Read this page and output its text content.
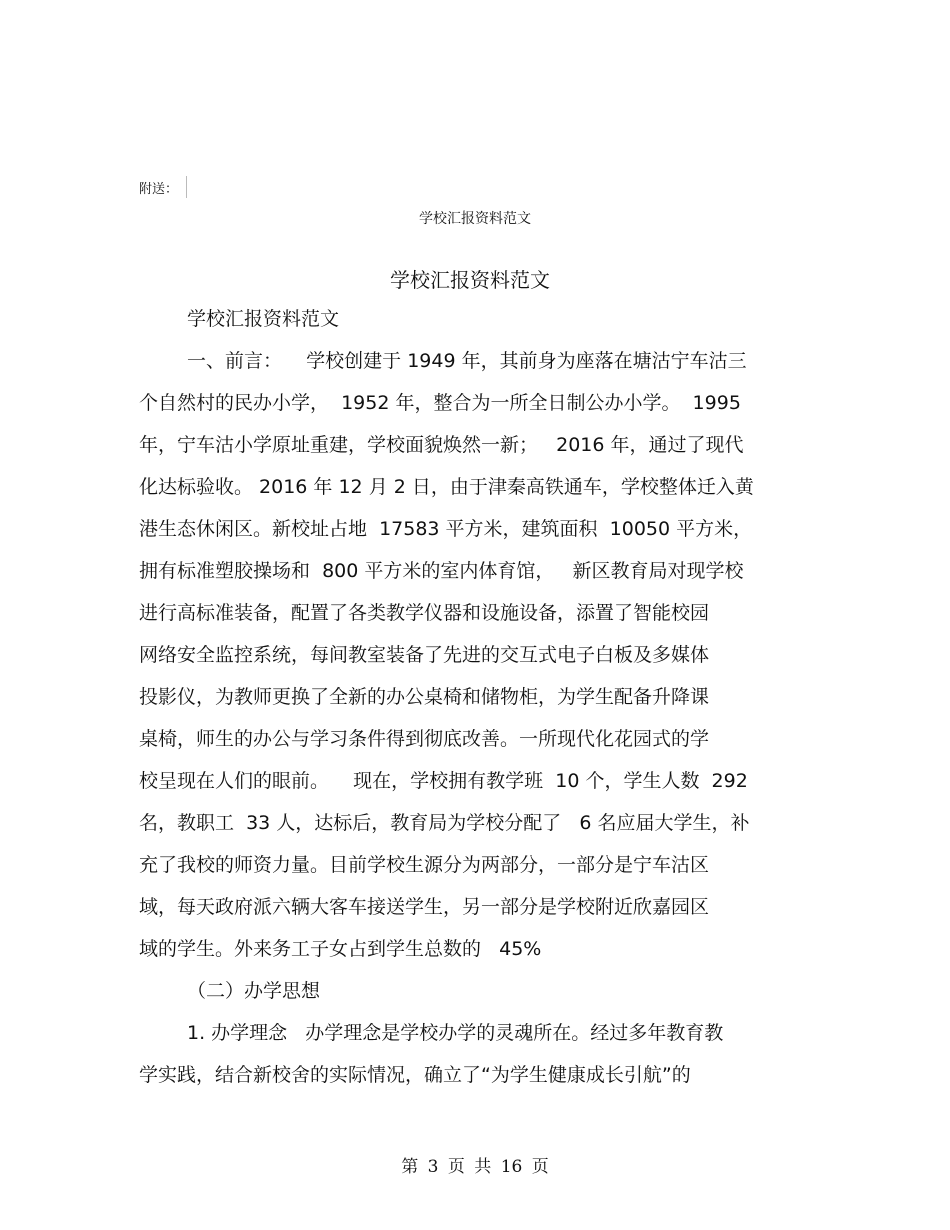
附送：
学校汇报资料范文
学校汇报资料范文
学校汇报资料范文
一、前言：    学校创建于 1949 年，其前身为座落在塘沽宁车沽三
个自然村的民办小学，  1952 年，整合为一所全日制公办小学。  1995
年，宁车沽小学原址重建，学校面貌焕然一新；   2016 年，通过了现代
化达标验收。 2016 年 12 月 2 日，由于津秦高铁通车，学校整体迁入黄
港生态休闲区。新校址占地  17583 平方米，建筑面积  10050 平方米，
拥有标准塑胶操场和  800 平方米的室内体育馆，   新区教育局对现学校
进行高标准装备，配置了各类教学仪器和设施设备，添置了智能校园
网络安全监控系统，每间教室装备了先进的交互式电子白板及多媒体
投影仪，为教师更换了全新的办公桌椅和储物柜，为学生配备升降课
桌椅，师生的办公与学习条件得到彻底改善。一所现代化花园式的学
校呈现在人们的眼前。    现在，学校拥有教学班  10 个，学生人数  292
名，教职工  33 人，达标后，教育局为学校分配了   6 名应届大学生，补
充了我校的师资力量。目前学校生源分为两部分，一部分是宁车沽区
域，每天政府派六辆大客车接送学生，另一部分是学校附近欣嘉园区
域的学生。外来务工子女占到学生总数的   45%
（二）办学思想
1. 办学理念   办学理念是学校办学的灵魂所在。经过多年教育教
学实践，结合新校舍的实际情况，确立了“为学生健康成长引航”的
第 3 页 共 16 页
